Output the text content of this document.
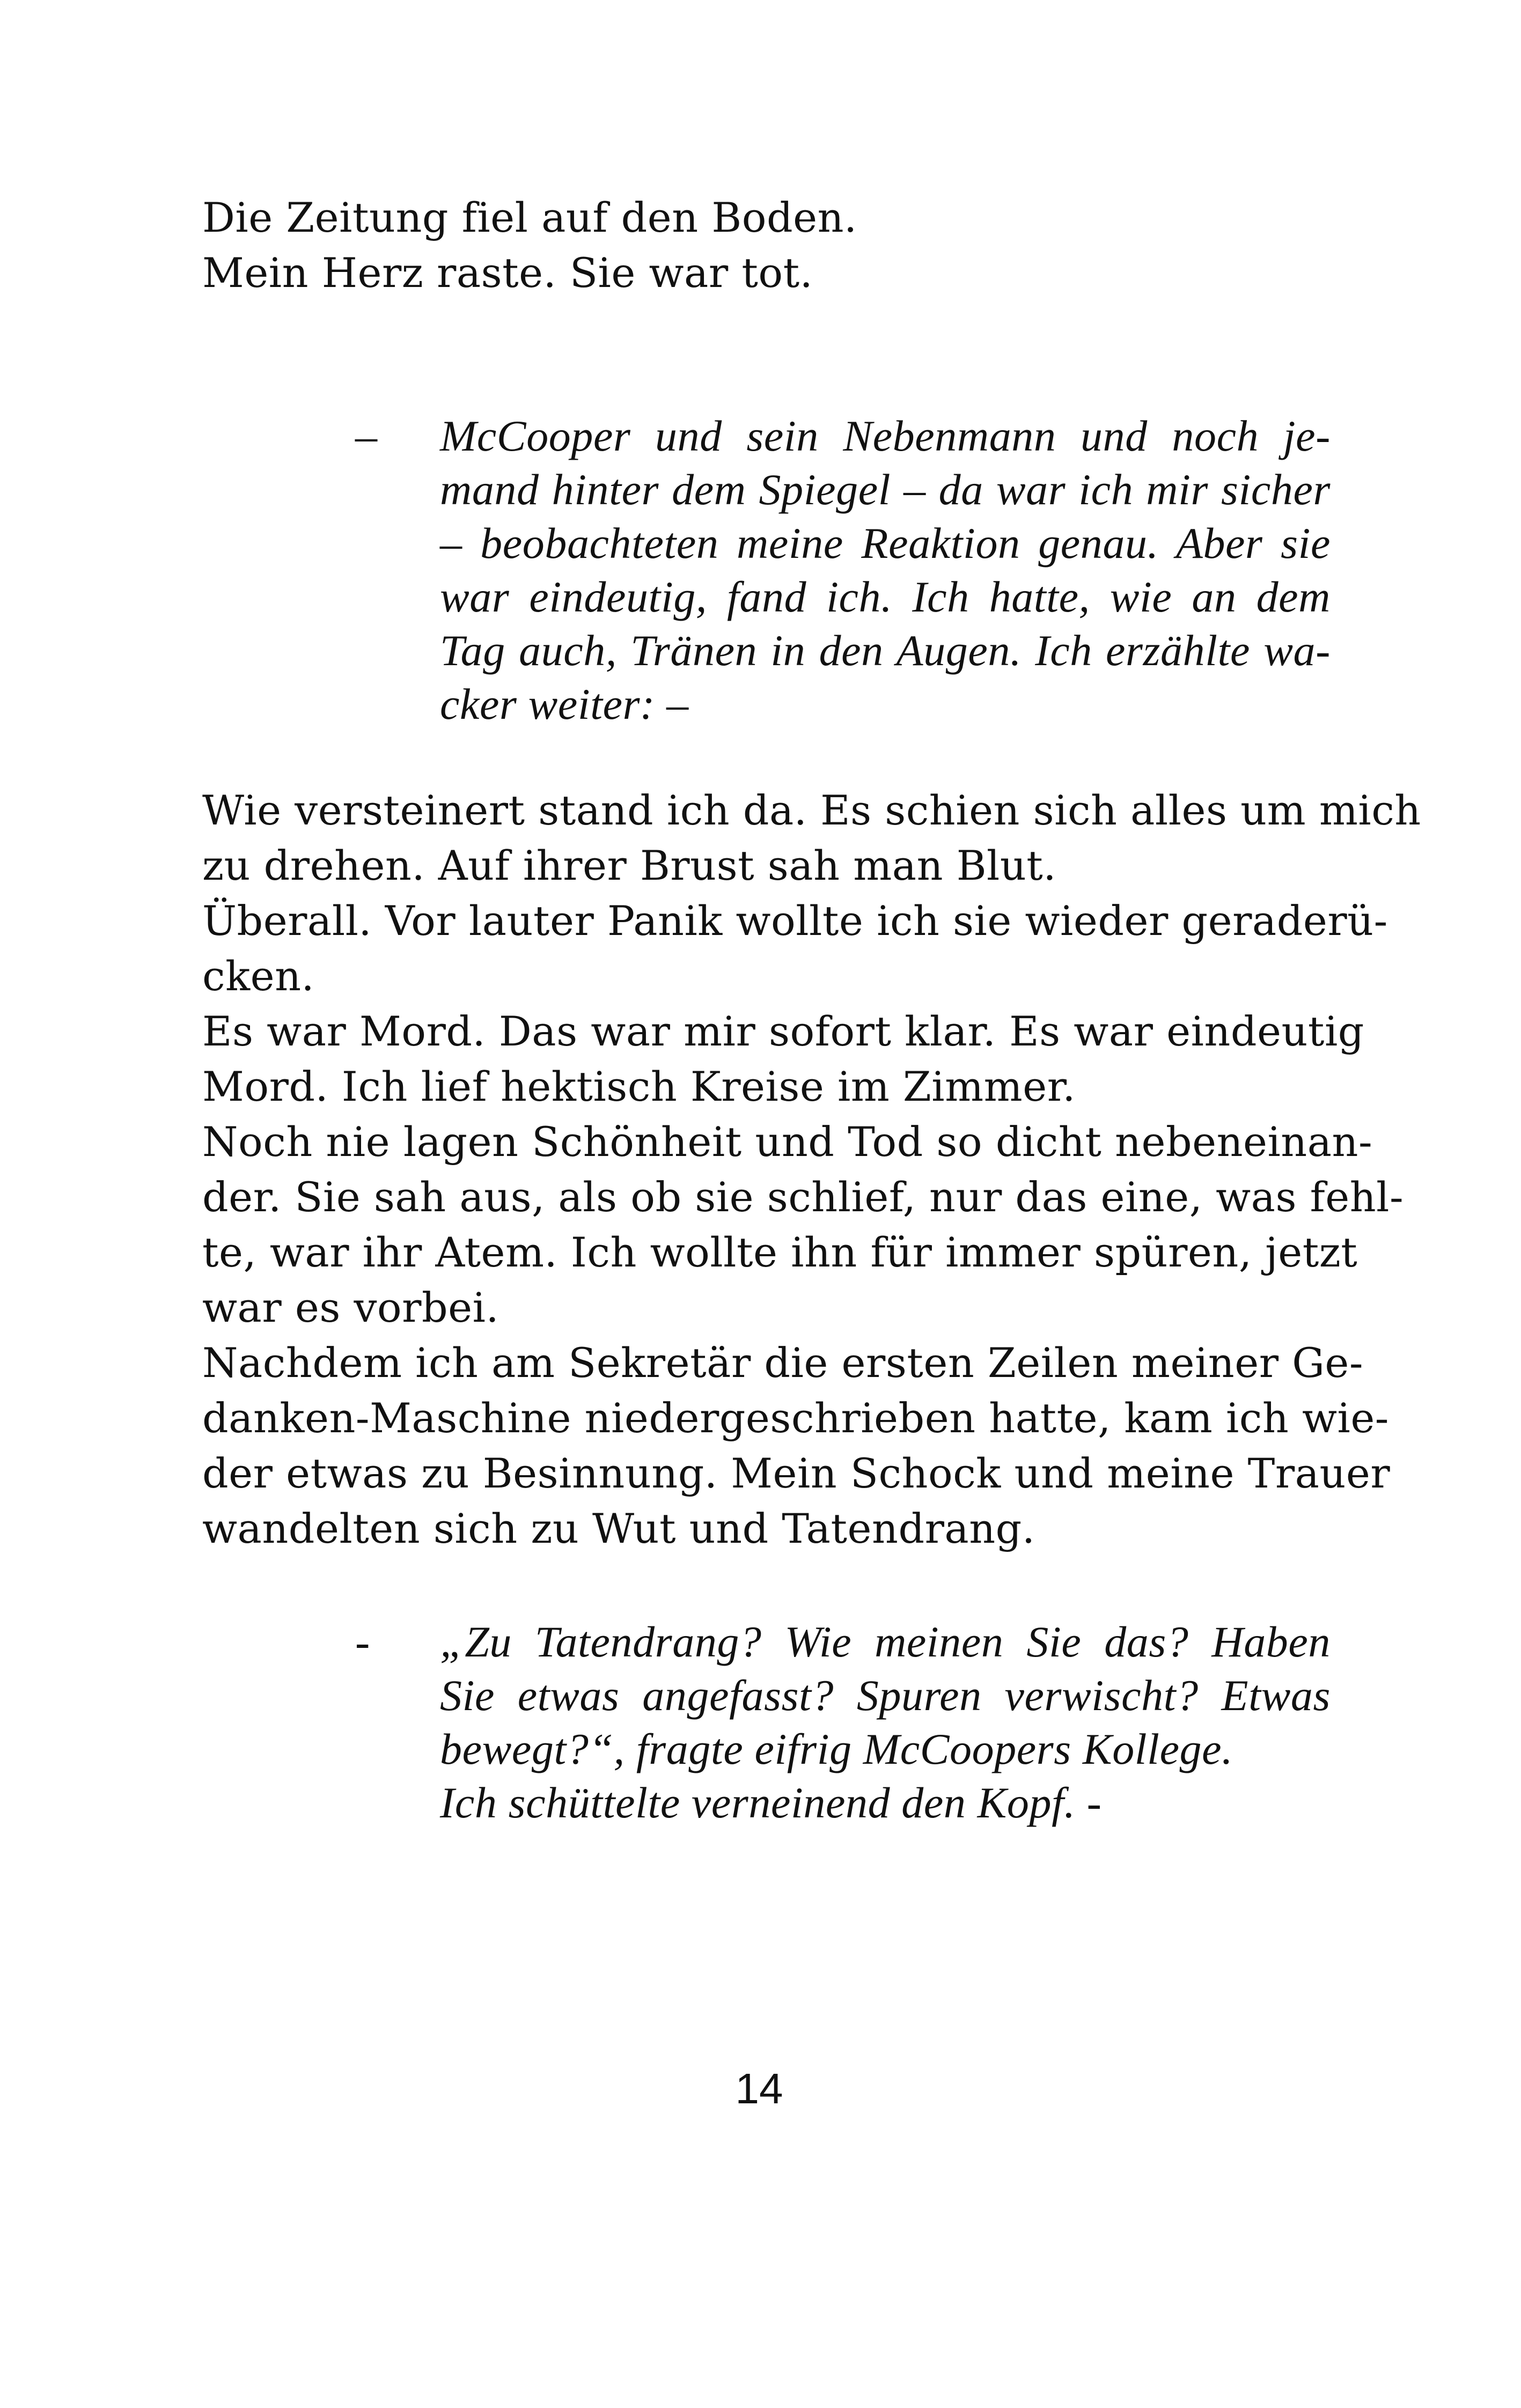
Die Zeitung fiel auf den Boden.

Mein Herz raste. Sie war tot.

– McCooper und sein Nebenmann und noch je-

mand hinter dem Spiegel – da war ich mir sicher

– beobachteten meine Reaktion genau. Aber sie

war eindeutig, fand ich. Ich hatte, wie an dem

Tag auch, Tränen in den Augen. Ich erzählte wa-

cker weiter: –

Wie versteinert stand ich da. Es schien sich alles um mich

zu drehen. Auf ihrer Brust sah man Blut.

Überall. Vor lauter Panik wollte ich sie wieder geraderü-

cken.

Es war Mord. Das war mir sofort klar. Es war eindeutig

Mord. Ich lief hektisch Kreise im Zimmer.

Noch nie lagen Schönheit und Tod so dicht nebeneinan-

der. Sie sah aus, als ob sie schlief, nur das eine, was fehl-

te, war ihr Atem. Ich wollte ihn für immer spüren, jetzt

war es vorbei.

Nachdem ich am Sekretär die ersten Zeilen meiner Ge-

danken-Maschine niedergeschrieben hatte, kam ich wie-

der etwas zu Besinnung. Mein Schock und meine Trauer

wandelten sich zu Wut und Tatendrang.

-	„Zu Tatendrang? Wie meinen Sie das? Haben

Sie etwas angefasst? Spuren verwischt? Etwas

bewegt?“, fragte eifrig McCoopers Kollege.

Ich schüttelte verneinend den Kopf. -

14
